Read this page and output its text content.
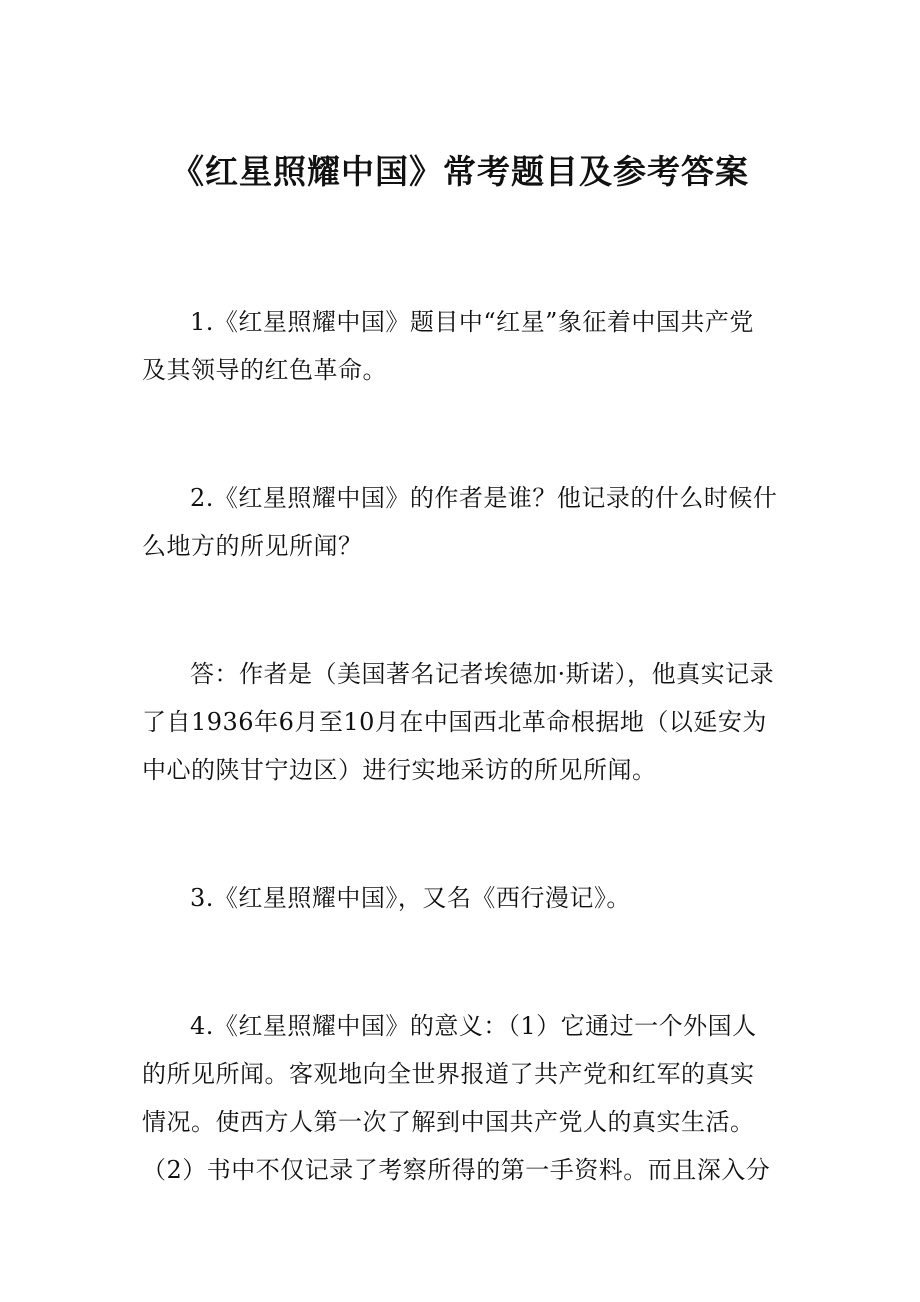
《红星照耀中国》常考题目及参考答案

1.《红星照耀中国》题目中“红星”象征着中国共产党及其领导的红色革命。

2.《红星照耀中国》的作者是谁？他记录的什么时候什么地方的所见所闻？

答：作者是（美国著名记者埃德加·斯诺），他真实记录了自1936年6月至10月在中国西北革命根据地（以延安为中心的陕甘宁边区）进行实地采访的所见所闻。

3.《红星照耀中国》，又名《西行漫记》。

4.《红星照耀中国》的意义：（1）它通过一个外国人的所见所闻。客观地向全世界报道了共产党和红军的真实情况。使西方人第一次了解到中国共产党人的真实生活。（2）书中不仅记录了考察所得的第一手资料。而且深入分
